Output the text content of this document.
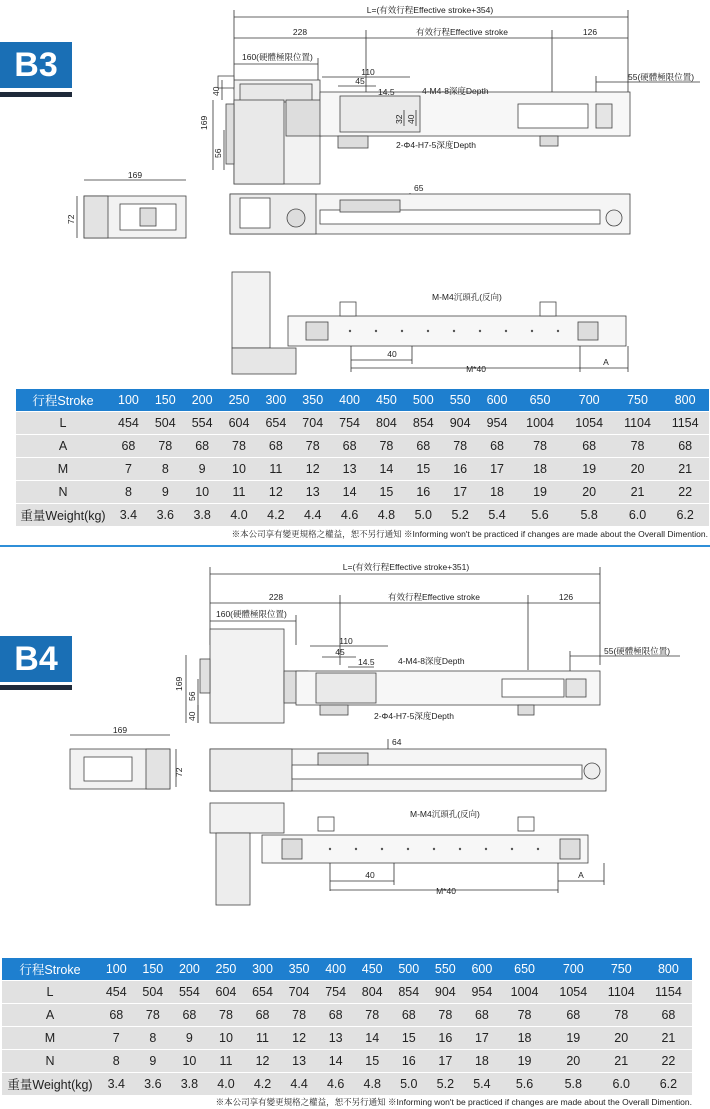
B3
L=(有效行程Effective stroke+354)
228	有效行程Effective stroke	126
160(硬體極限位置)
110
45
14.5	4-M4-8深度Depth
55(硬體極限位置)
40
169
56
32 40
2-Φ4-H7-5深度Depth
169
72
65
M-M4沉頭孔(反向)
40
M*40
A
行程Stroke	100	150	200	250	300	350	400	450	500	550	600	650	700	750	800
L	454	504	554	604	654	704	754	804	854	904	954	1004	1054	1104	1154
A	68	78	68	78	68	78	68	78	68	78	68	78	68	78	68
M	7	8	9	10	11	12	13	14	15	16	17	18	19	20	21
N	8	9	10	11	12	13	14	15	16	17	18	19	20	21	22
重量Weight(kg)	3.4	3.6	3.8	4.0	4.2	4.4	4.6	4.8	5.0	5.2	5.4	5.6	5.8	6.0	6.2
※本公司享有變更規格之權益，恕不另行通知 ※Informing won't be practiced if changes are made about the Overall Dimention.
B4
L=(有效行程Effective stroke+351)
228	有效行程Effective stroke	126
160(硬體極限位置)
110
45
14.5	4-M4-8深度Depth
55(硬體極限位置)
169
56
40	2-Φ4-H7-5深度Depth
169
72
64
M-M4沉頭孔(反向)
40
M*40
A
行程Stroke	100	150	200	250	300	350	400	450	500	550	600	650	700	750	800
L	454	504	554	604	654	704	754	804	854	904	954	1004	1054	1104	1154
A	68	78	68	78	68	78	68	78	68	78	68	78	68	78	68
M	7	8	9	10	11	12	13	14	15	16	17	18	19	20	21
N	8	9	10	11	12	13	14	15	16	17	18	19	20	21	22
重量Weight(kg)	3.4	3.6	3.8	4.0	4.2	4.4	4.6	4.8	5.0	5.2	5.4	5.6	5.8	6.0	6.2
※本公司享有變更規格之權益，恕不另行通知 ※Informing won't be practiced if changes are made about the Overall Dimention.
